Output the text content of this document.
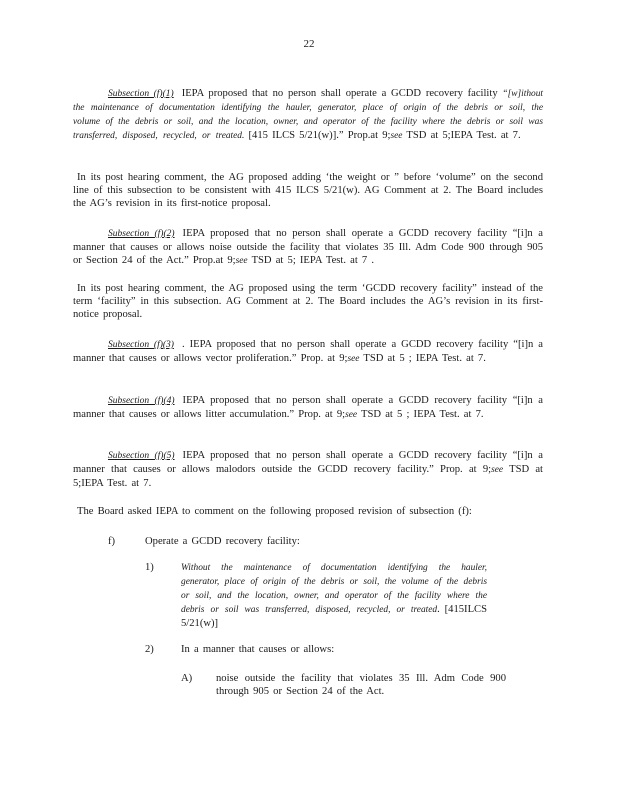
22
Subsection (f)(1) IEPA proposed that no person shall operate a GCDD recovery facility “[w]ithout the maintenance of documentation identifying the hauler, generator, place of origin of the debris or soil, the volume of the debris or soil, and the location, owner, and operator of the facility where the debris or soil was transferred, disposed, recycled, or treated. [415 ILCS 5/21(w)].” Prop.at 9;see TSD at 5;IEPA Test. at 7.
In its post hearing comment, the AG proposed adding ‘the weight or ” before ‘volume” on the second line of this subsection to be consistent with 415 ILCS 5/21(w). AG Comment at 2. The Board includes the AG’s revision in its first-notice proposal.
Subsection (f)(2) IEPA proposed that no person shall operate a GCDD recovery facility “[i]n a manner that causes or allows noise outside the facility that violates 35 Ill. Adm Code 900 through 905 or Section 24 of the Act.” Prop.at 9;see TSD at 5; IEPA Test. at 7 .
In its post hearing comment, the AG proposed using the term ‘GCDD recovery facility” instead of the term ‘facility” in this subsection. AG Comment at 2. The Board includes the AG’s revision in its first-notice proposal.
Subsection (f)(3) . IEPA proposed that no person shall operate a GCDD recovery facility “[i]n a manner that causes or allows vector proliferation.” Prop. at 9;see TSD at 5 ; IEPA Test. at 7.
Subsection (f)(4) IEPA proposed that no person shall operate a GCDD recovery facility “[i]n a manner that causes or allows litter accumulation.” Prop. at 9;see TSD at 5 ; IEPA Test. at 7.
Subsection (f)(5) IEPA proposed that no person shall operate a GCDD recovery facility “[i]n a manner that causes or allows malodors outside the GCDD recovery facility.” Prop. at 9;see TSD at 5;IEPA Test. at 7.
The Board asked IEPA to comment on the following proposed revision of subsection (f):
f)	Operate a GCDD recovery facility:
1)	Without the maintenance of documentation identifying the hauler, generator, place of origin of the debris or soil, the volume of the debris or soil, and the location, owner, and operator of the facility where the debris or soil was transferred, disposed, recycled, or treated. [415ILCS 5/21(w)]
2)	In a manner that causes or allows:
A) noise outside the facility that violates 35 Ill. Adm Code 900 through 905 or Section 24 of the Act.
